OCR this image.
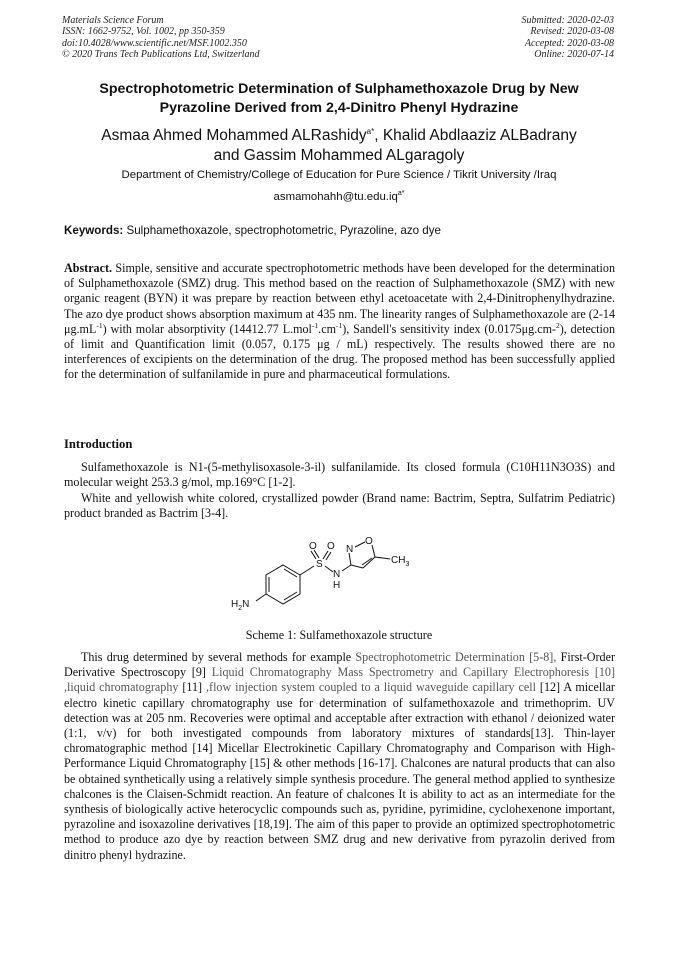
Materials Science Forum
ISSN: 1662-9752, Vol. 1002, pp 350-359
doi:10.4028/www.scientific.net/MSF.1002.350
© 2020 Trans Tech Publications Ltd, Switzerland
Submitted: 2020-02-03
Revised: 2020-03-08
Accepted: 2020-03-08
Online: 2020-07-14
Spectrophotometric Determination of Sulphamethoxazole Drug by New
Pyrazoline Derived from 2,4-Dinitro Phenyl Hydrazine
Asmaa Ahmed Mohammed ALRashidy$^{a*}$, Khalid Abdlaaziz ALBadrany
and Gassim Mohammed ALgaragoly
Department of Chemistry/College of Education for Pure Science / Tikrit University /Iraq
$asmamohahh@tu.edu.iq^{a*}$
Keywords: Sulphamethoxazole, spectrophotometric, Pyrazoline, azo dye
Abstract. Simple, sensitive and accurate spectrophotometric methods have been developed for the determination of Sulphamethoxazole (SMZ) drug. This method based on the reaction of Sulphamethoxazole (SMZ) with new organic reagent (BYN) it was prepare by reaction between ethyl acetoacetate with 2,4-Dinitrophenylhydrazine. The azo dye product shows absorption maximum at 435 nm. The linearity ranges of Sulphamethoxazole are (2-14 $\mu g.mL^{-1}$) with molar absorptivity (14412.77 $L.mol^{-1}.cm^{-1}$), Sandell's sensitivity index (0.0175μg.cm-$^2$), detection of limit and Quantification limit (0.057, 0.175 μg / mL) respectively. The results showed there are no interferences of excipients on the determination of the drug. The proposed method has been successfully applied for the determination of sulfanilamide in pure and pharmaceutical formulations.
Introduction
Sulfamethoxazole is N1-(5-methylisoxasole-3-il) sulfanilamide. Its closed formula (C10H11N3O3S) and molecular weight 253.3 g/mol, mp.169°C [1-2].
White and yellowish white colored, crystallized powder (Brand name: Bactrim, Septra, Sulfatrim Pediatric) product branded as Bactrim [3-4].
O O
S
N
H
N
O
$CH_3$
$H_2N$
Scheme 1: Sulfamethoxazole structure
This drug determined by several methods for example Spectrophotometric Determination [5-8], First-Order Derivative Spectroscopy [9] Liquid Chromatography Mass Spectrometry and Capillary Electrophoresis [10] ,liquid chromatography [11] ,flow injection system coupled to a liquid waveguide capillary cell [12] A micellar electro kinetic capillary chromatography use for determination of sulfamethoxazole and trimethoprim. UV detection was at 205 nm. Recoveries were optimal and acceptable after extraction with ethanol / deionized water (1:1, v/v) for both investigated compounds from laboratory mixtures of standards[13]. Thin-layer chromatographic method [14] Micellar Electrokinetic Capillary Chromatography and Comparison with High-Performance Liquid Chromatography [15] & other methods [16-17]. Chalcones are natural products that can also be obtained synthetically using a relatively simple synthesis procedure. The general method applied to synthesize chalcones is the Claisen-Schmidt reaction. An feature of chalcones It is ability to act as an intermediate for the synthesis of biologically active heterocyclic compounds such as, pyridine, pyrimidine, cyclohexenone important, pyrazoline and isoxazoline derivatives [18,19]. The aim of this paper to provide an optimized spectrophotometric method to produce azo dye by reaction between SMZ drug and new derivative from pyrazolin derived from dinitro phenyl hydrazine.
